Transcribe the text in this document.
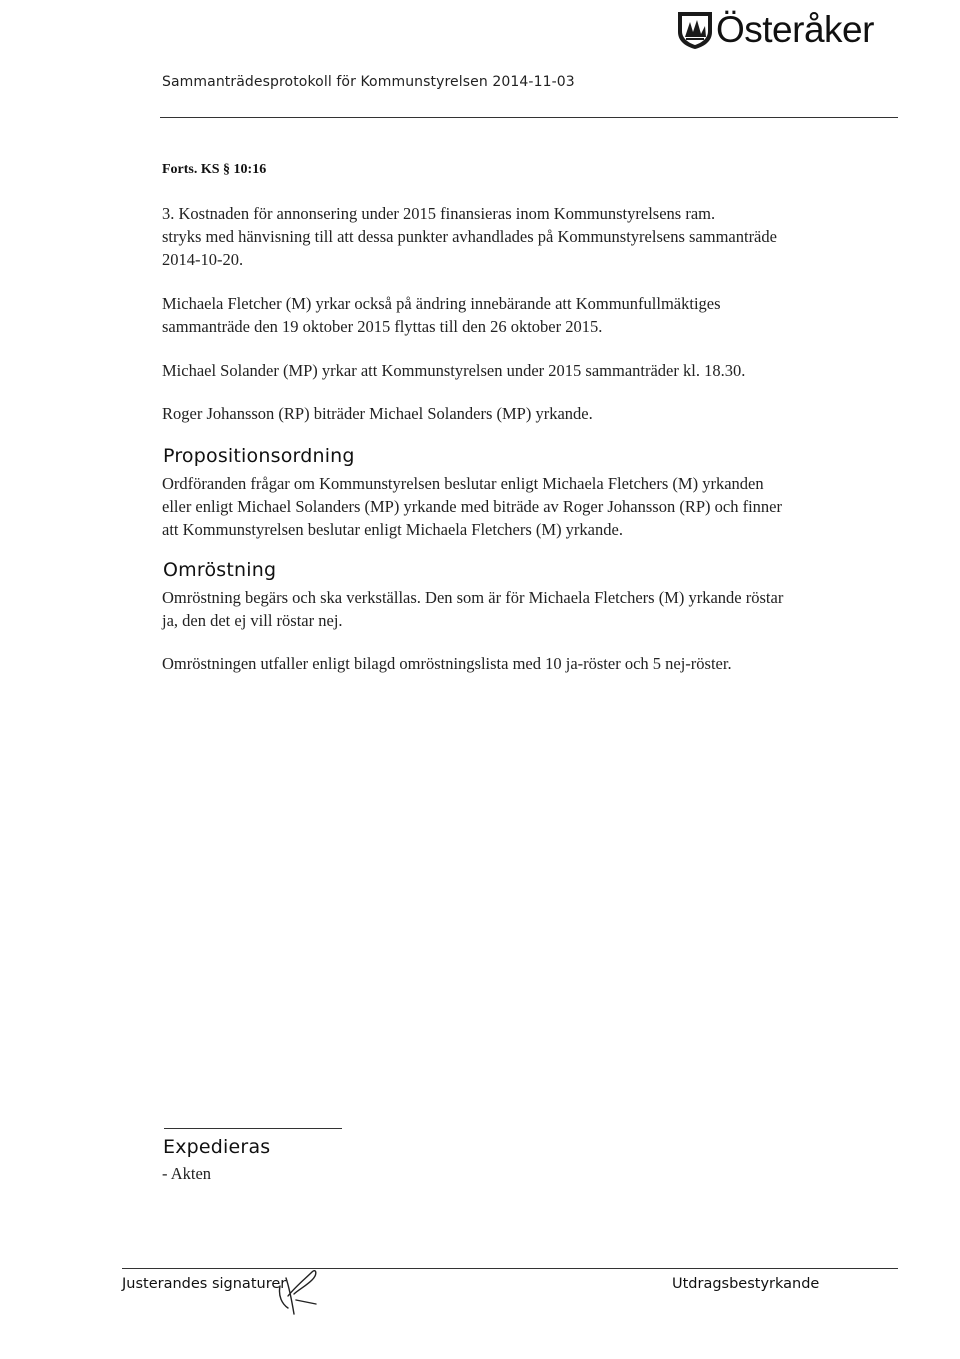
Österåker
Sammanträdesprotokoll för Kommunstyrelsen 2014-11-03
Forts. KS § 10:16
3. Kostnaden för annonsering under 2015 finansieras inom Kommunstyrelsens ram.
stryks med hänvisning till att dessa punkter avhandlades på Kommunstyrelsens sammanträde
2014-10-20.
Michaela Fletcher (M) yrkar också på ändring innebärande att Kommunfullmäktiges
sammanträde den 19 oktober 2015 flyttas till den 26 oktober 2015.
Michael Solander (MP) yrkar att Kommunstyrelsen under 2015 sammanträder kl. 18.30.
Roger Johansson (RP) biträder Michael Solanders (MP) yrkande.
Propositionsordning
Ordföranden frågar om Kommunstyrelsen beslutar enligt Michaela Fletchers (M) yrkanden
eller enligt Michael Solanders (MP) yrkande med biträde av Roger Johansson (RP) och finner
att Kommunstyrelsen beslutar enligt Michaela Fletchers (M) yrkande.
Omröstning
Omröstning begärs och ska verkställas. Den som är för Michaela Fletchers (M) yrkande röstar
ja, den det ej vill röstar nej.
Omröstningen utfaller enligt bilagd omröstningslista med 10 ja-röster och 5 nej-röster.
Expedieras
- Akten
Justerandes signaturer	Utdragsbestyrkande
